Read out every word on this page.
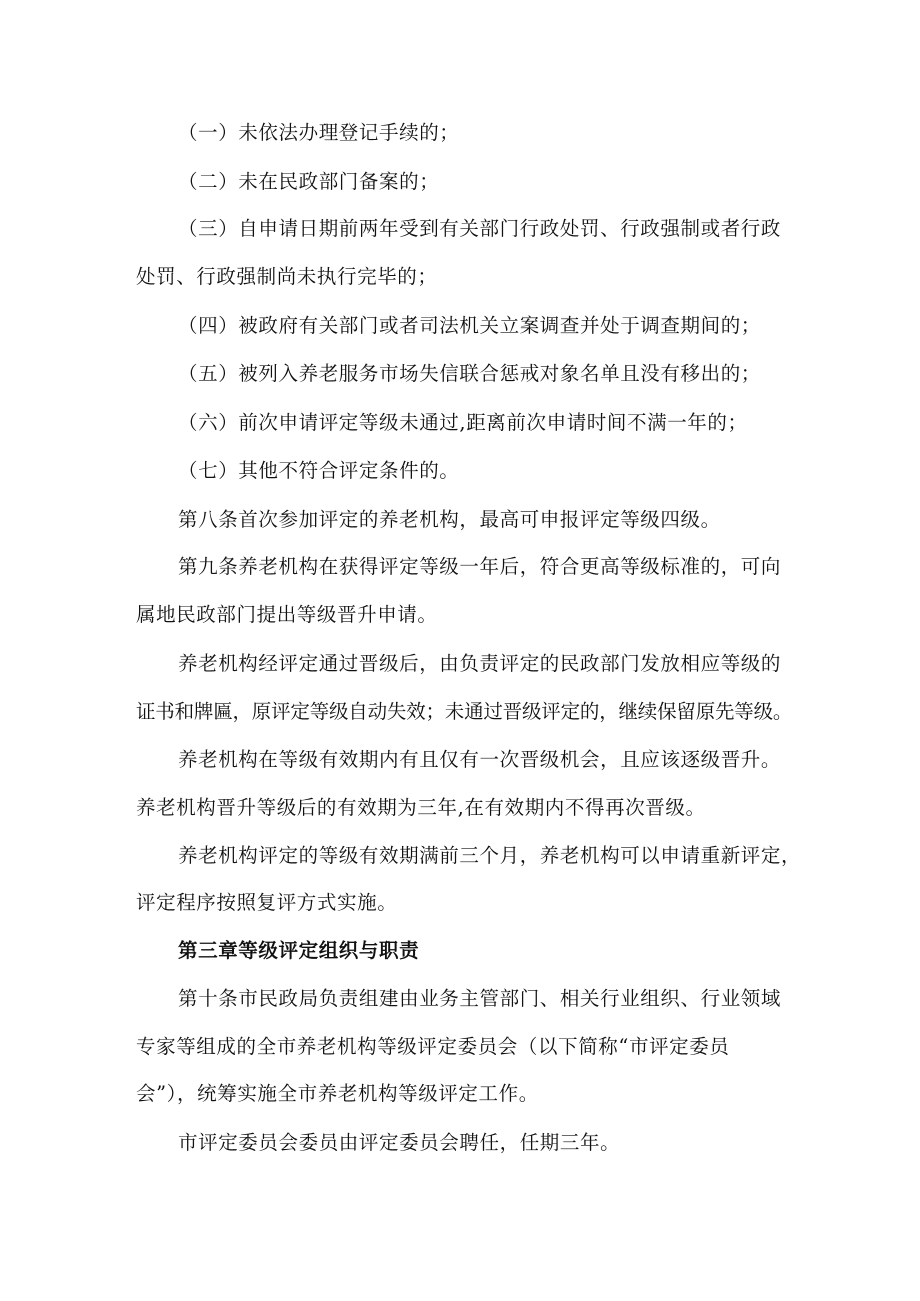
（一）未依法办理登记手续的；
（二）未在民政部门备案的；
（三）自申请日期前两年受到有关部门行政处罚、行政强制或者行政
处罚、行政强制尚未执行完毕的；
（四）被政府有关部门或者司法机关立案调查并处于调查期间的；
（五）被列入养老服务市场失信联合惩戒对象名单且没有移出的；
（六）前次申请评定等级未通过,距离前次申请时间不满一年的；
（七）其他不符合评定条件的。
第八条首次参加评定的养老机构，最高可申报评定等级四级。
第九条养老机构在获得评定等级一年后，符合更高等级标准的，可向
属地民政部门提出等级晋升申请。
养老机构经评定通过晋级后，由负责评定的民政部门发放相应等级的
证书和牌匾，原评定等级自动失效；未通过晋级评定的，继续保留原先等级。
养老机构在等级有效期内有且仅有一次晋级机会，且应该逐级晋升。
养老机构晋升等级后的有效期为三年,在有效期内不得再次晋级。
养老机构评定的等级有效期满前三个月，养老机构可以申请重新评定，
评定程序按照复评方式实施。
第三章等级评定组织与职责
第十条市民政局负责组建由业务主管部门、相关行业组织、行业领域
专家等组成的全市养老机构等级评定委员会（以下简称“市评定委员
会”），统筹实施全市养老机构等级评定工作。
市评定委员会委员由评定委员会聘任，任期三年。
